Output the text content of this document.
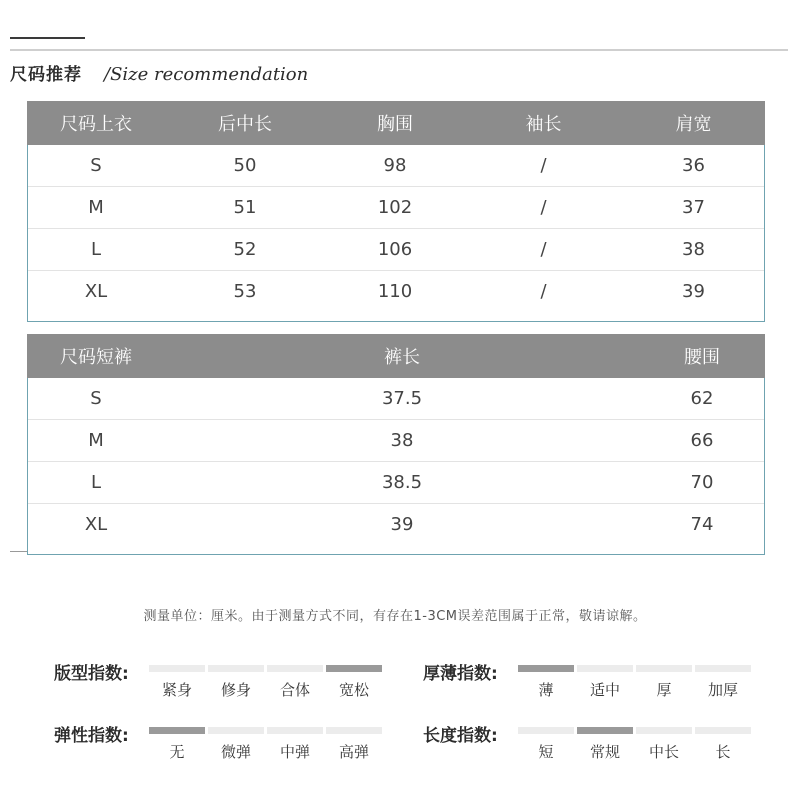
尺码推荐 /Size recommendation
尺码上衣	后中长	胸围	袖长	肩宽
S	50	98	/	36
M	51	102	/	37
L	52	106	/	38
XL	53	110	/	39
尺码短裤	裤长	腰围
S	37.5	62
M	38	66
L	38.5	70
XL	39	74
测量单位：厘米。由于测量方式不同，有存在1-3CM误差范围属于正常，敬请谅解。
版型指数:
紧身 修身 合体 宽松
厚薄指数:
薄 适中 厚 加厚
弹性指数:
无 微弹 中弹 高弹
长度指数:
短 常规 中长 长
